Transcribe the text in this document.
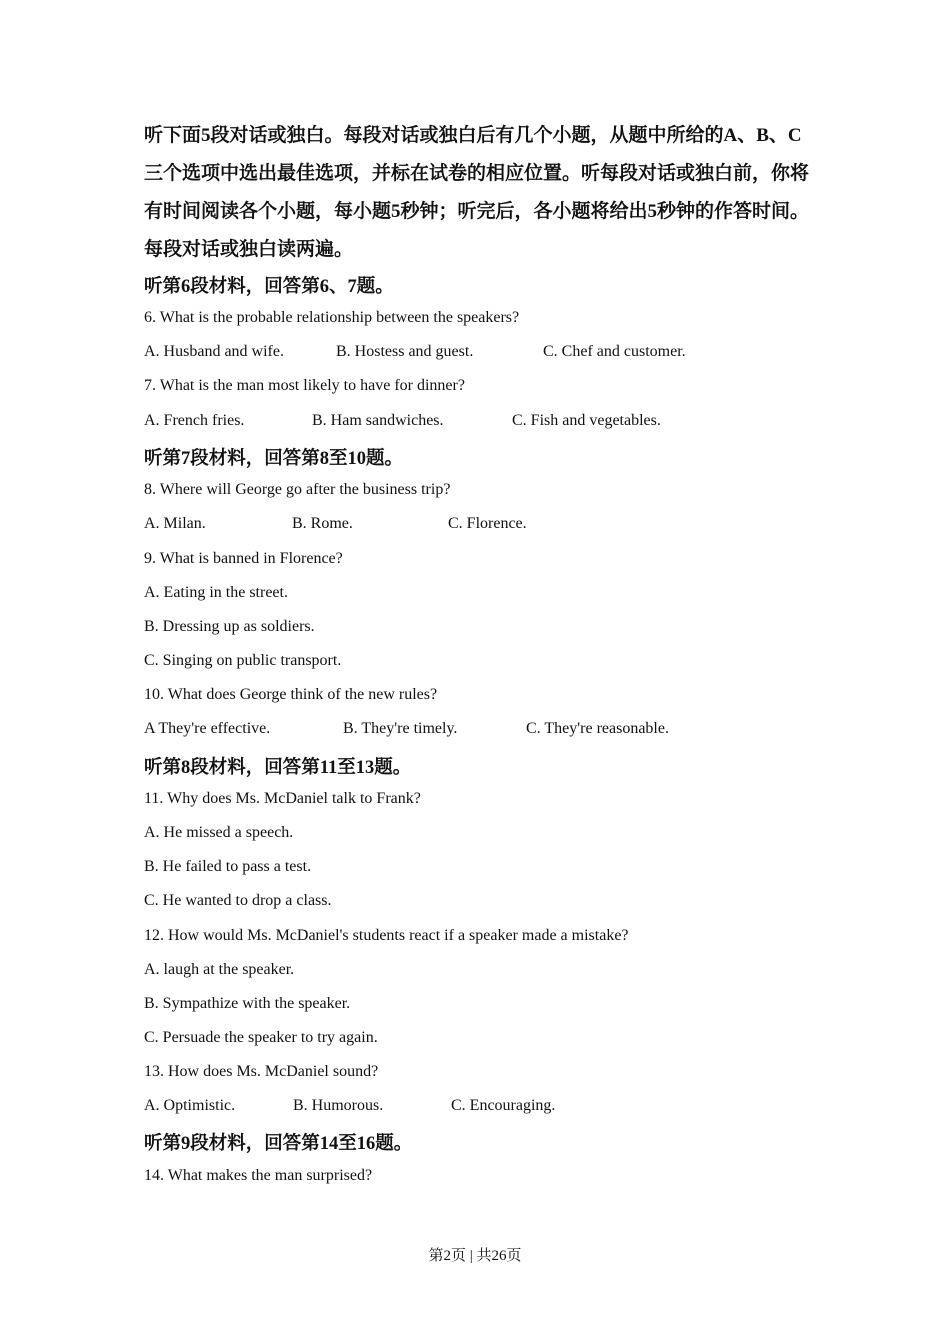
听下面5段对话或独白。每段对话或独白后有几个小题，从题中所给的A、B、C三个选项中选出最佳选项，并标在试卷的相应位置。听每段对话或独白前，你将有时间阅读各个小题，每小题5秒钟；听完后，各小题将给出5秒钟的作答时间。每段对话或独白读两遍。

听第6段材料，回答第6、7题。
6. What is the probable relationship between the speakers?
A. Husband and wife.	B. Hostess and guest.	C. Chef and customer.
7. What is the man most likely to have for dinner?
A. French fries.	B. Ham sandwiches.	C. Fish and vegetables.
听第7段材料，回答第8至10题。
8. Where will George go after the business trip?
A. Milan.	B. Rome.	C. Florence.
9. What is banned in Florence?
A. Eating in the street.
B. Dressing up as soldiers.
C. Singing on public transport.
10. What does George think of the new rules?
A They're effective.	B. They're timely.	C. They're reasonable.
听第8段材料，回答第11至13题。
11. Why does Ms. McDaniel talk to Frank?
A. He missed a speech.
B. He failed to pass a test.
C. He wanted to drop a class.
12. How would Ms. McDaniel's students react if a speaker made a mistake?
A. laugh at the speaker.
B. Sympathize with the speaker.
C. Persuade the speaker to try again.
13. How does Ms. McDaniel sound?
A. Optimistic.	B. Humorous.	C. Encouraging.
听第9段材料，回答第14至16题。
14. What makes the man surprised?
第2页 | 共26页
